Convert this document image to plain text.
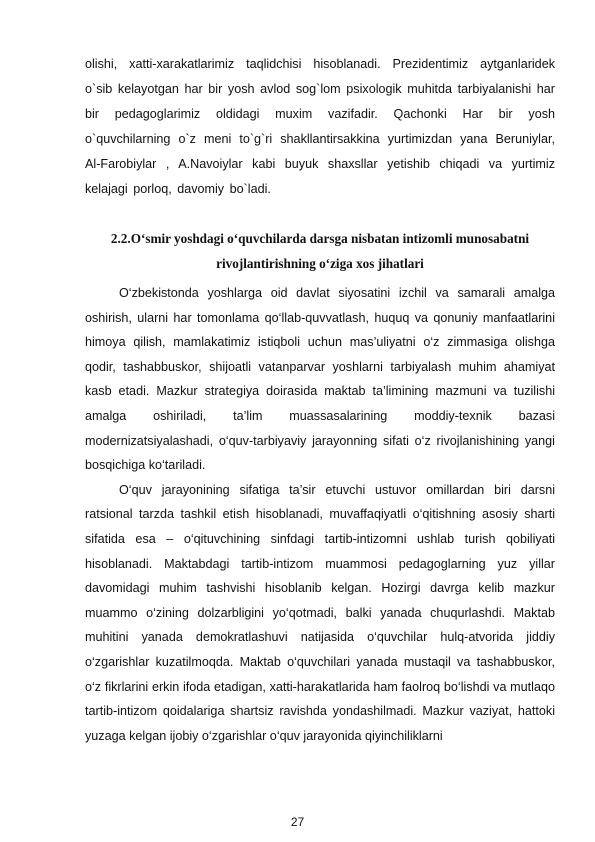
olishi, xatti-xarakatlarimiz taqlidchisi hisoblanadi. Prezidentimiz aytganlaridek o`sib kelayotgan har bir yosh avlod sog`lom psixologik muhitda tarbiyalanishi har bir pedagoglarimiz oldidagi muxim vazifadir. Qachonki Har bir yosh o`quvchilarning o`z meni to`g`ri shakllantirsakkina yurtimizdan yana Beruniylar, Al-Farobiylar , A.Navoiylar kabi buyuk shaxsllar yetishib chiqadi va yurtimiz kelajagi porloq, davomiy bo`ladi.

2.2.O‘smir yoshdagi o‘quvchilarda darsga nisbatan intizomli munosabatni
rivojlantirishning o‘ziga xos jihatlari

O‘zbekistonda yoshlarga oid davlat siyosatini izchil va samarali amalga oshirish, ularni har tomonlama qo‘llab-quvvatlash, huquq va qonuniy manfaatlarini himoya qilish, mamlakatimiz istiqboli uchun mas’uliyatni o‘z zimmasiga olishga qodir, tashabbuskor, shijoatli vatanparvar yoshlarni tarbiyalash muhim ahamiyat kasb etadi. Mazkur strategiya doirasida maktab ta’limining mazmuni va tuzilishi amalga oshiriladi, ta’lim muassasalarining moddiy-texnik bazasi modernizatsiyalashadi, o‘quv-tarbiyaviy jarayonning sifati o‘z rivojlanishining yangi bosqichiga ko‘tariladi.

O‘quv jarayonining sifatiga ta’sir etuvchi ustuvor omillardan biri darsni ratsional tarzda tashkil etish hisoblanadi, muvaffaqiyatli o‘qitishning asosiy sharti sifatida esa – o‘qituvchining sinfdagi tartib-intizomni ushlab turish qobiliyati hisoblanadi. Maktabdagi tartib-intizom muammosi pedagoglarning yuz yillar davomidagi muhim tashvishi hisoblanib kelgan. Hozirgi davrga kelib mazkur muammo o‘zining dolzarbligini yo‘qotmadi, balki yanada chuqurlashdi. Maktab muhitini yanada demokratlashuvi natijasida o‘quvchilar hulq-atvorida jiddiy o‘zgarishlar kuzatilmoqda. Maktab o‘quvchilari yanada mustaqil va tashabbuskor, o‘z fikrlarini erkin ifoda etadigan, xatti-harakatlarida ham faolroq bo‘lishdi va mutlaqo tartib-intizom qoidalariga shartsiz ravishda yondashilmadi. Mazkur vaziyat, hattoki yuzaga kelgan ijobiy o‘zgarishlar o‘quv jarayonida qiyinchiliklarni

27
